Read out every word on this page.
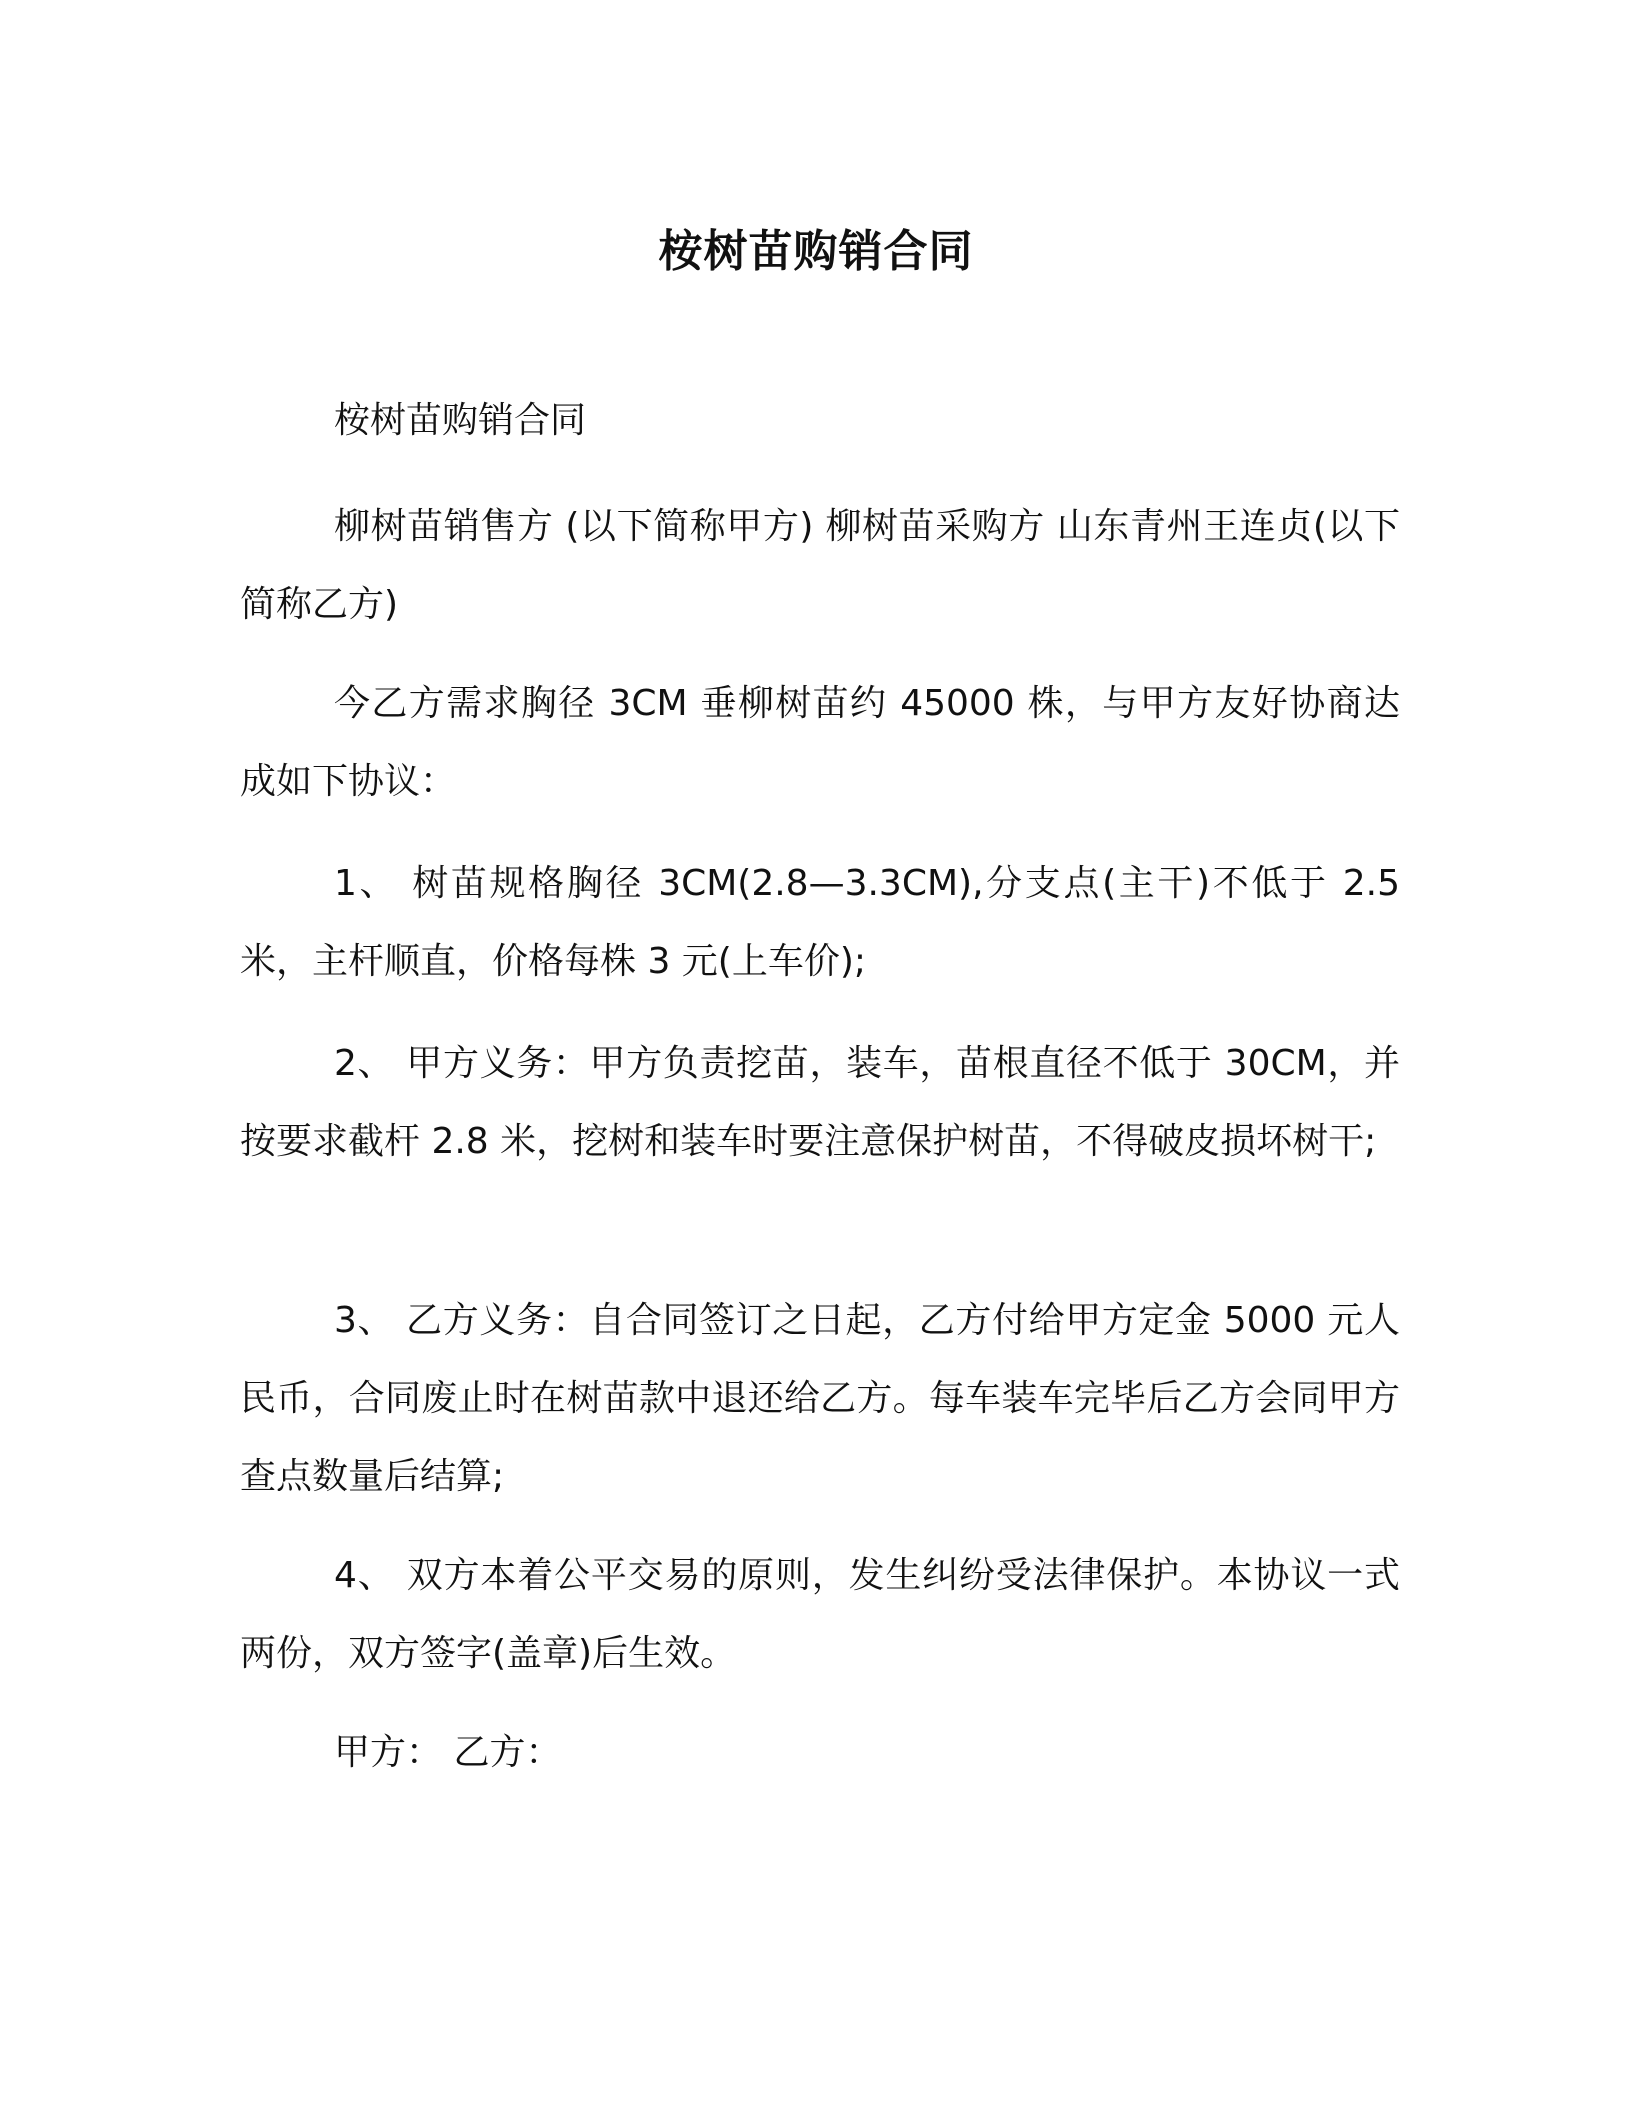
桉树苗购销合同
桉树苗购销合同
柳树苗销售方 (以下简称甲方) 柳树苗采购方 山东青州王连贞(以下简称乙方)
今乙方需求胸径 3CM 垂柳树苗约 45000 株，与甲方友好协商达成如下协议：
1、 树苗规格胸径 3CM(2.8—3.3CM),分支点(主干)不低于 2.5 米，主杆顺直，价格每株 3 元(上车价);
2、 甲方义务：甲方负责挖苗，装车，苗根直径不低于 30CM，并按要求截杆 2.8 米，挖树和装车时要注意保护树苗，不得破皮损坏树干;
3、 乙方义务：自合同签订之日起，乙方付给甲方定金 5000 元人民币，合同废止时在树苗款中退还给乙方。每车装车完毕后乙方会同甲方查点数量后结算;
4、 双方本着公平交易的原则，发生纠纷受法律保护。本协议一式两份，双方签字(盖章)后生效。
甲方： 乙方：
